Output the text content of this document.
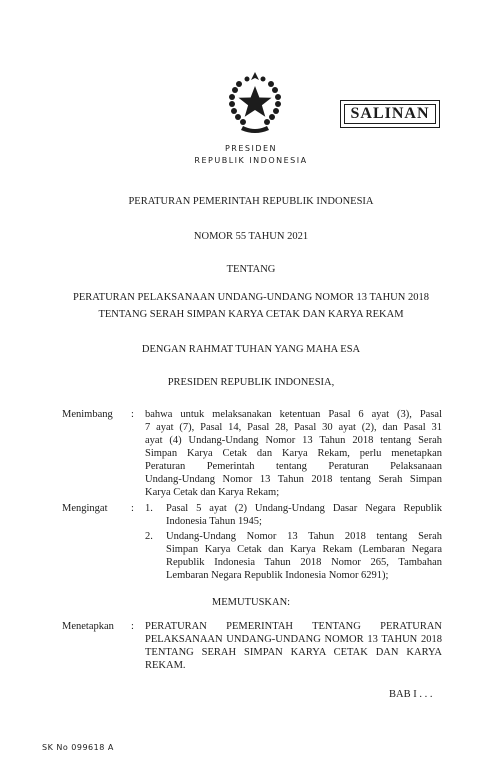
SALINAN
PRESIDEN
REPUBLIK INDONESIA
PERATURAN PEMERINTAH REPUBLIK INDONESIA
NOMOR 55 TAHUN 2021
TENTANG
PERATURAN PELAKSANAAN UNDANG-UNDANG NOMOR 13 TAHUN 2018
TENTANG SERAH SIMPAN KARYA CETAK DAN KARYA REKAM
DENGAN RAHMAT TUHAN YANG MAHA ESA
PRESIDEN REPUBLIK INDONESIA,
Menimbang : bahwa untuk melaksanakan ketentuan Pasal 6 ayat (3), Pasal
7 ayat (7), Pasal 14, Pasal 28, Pasal 30 ayat (2), dan Pasal 31
ayat (4) Undang-Undang Nomor 13 Tahun 2018 tentang Serah
Simpan Karya Cetak dan Karya Rekam, perlu menetapkan
Peraturan Pemerintah tentang Peraturan Pelaksanaan
Undang-Undang Nomor 13 Tahun 2018 tentang Serah Simpan
Karya Cetak dan Karya Rekam;
Mengingat : 1. Pasal 5 ayat (2) Undang-Undang Dasar Negara Republik
Indonesia Tahun 1945;
2. Undang-Undang Nomor 13 Tahun 2018 tentang Serah
Simpan Karya Cetak dan Karya Rekam (Lembaran Negara
Republik Indonesia Tahun 2018 Nomor 265, Tambahan
Lembaran Negara Republik Indonesia Nomor 6291);
MEMUTUSKAN:
Menetapkan : PERATURAN PEMERINTAH TENTANG PERATURAN
PELAKSANAAN UNDANG-UNDANG NOMOR 13 TAHUN 2018
TENTANG SERAH SIMPAN KARYA CETAK DAN KARYA
REKAM.
BAB I . . .
SK No 099618 A
